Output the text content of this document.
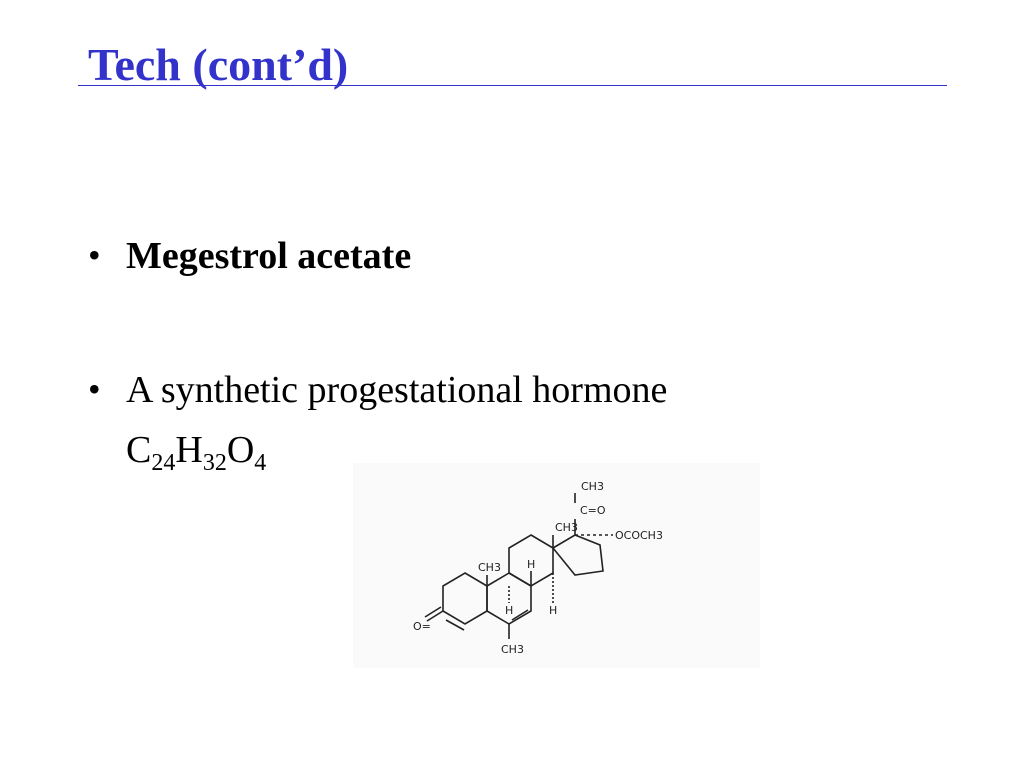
Tech (cont’d)
• Megestrol acetate
• A synthetic progestational hormone
$C_{24}H_{32}O_4$
CH3
C=O
CH3
OCOCH3
CH3
H
H
H
O=
CH3
